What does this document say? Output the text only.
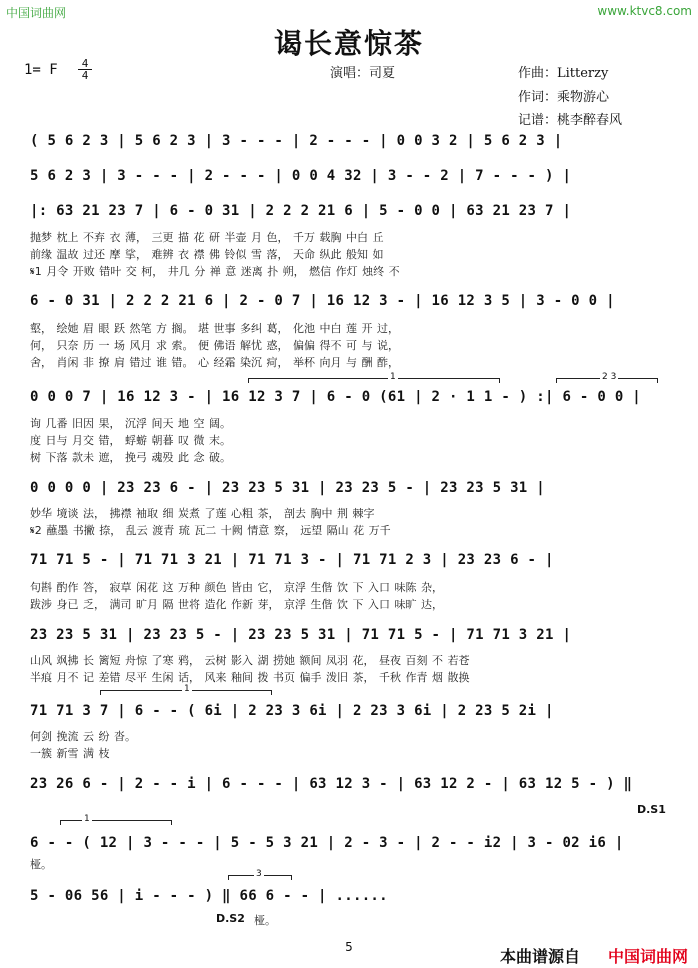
中国词曲网	www.ktvc8.com
谒长意惊茶
1= F	4
4	演唱：司夏	作曲：Litterzy
作词：乘物游心
记谱：桃李醉春风
( 5 6 2 3 | 5 6 2 3 | 3 - - - | 2 - - - | 0 0 3 2 | 5 6 2 3 |
5 6 2 3 | 3 - - - | 2 - - - | 0 0 4 32 | 3 - - 2 | 7 - - - ) |
|: 63 21 23 7 | 6 - 0 31 | 2 2 2 21 6 | 5 - 0 0 | 63 21 23 7 |
抛梦 枕上 不弃 衣 薄， 三更 描 花 研 半壶 月 色， 千万 载胸 中白 丘
前缘 温故 过还 摩 挲， 难辨 衣 襟 佛 铃似 雪 落， 天命 纵此 般知 如
𝄋1 月令 开败 错叶 交 柯， 井几 分 禅 意 迷离 扑 朔， 燃信 作灯 烛终 不
6 - 0 31 | 2 2 2 21 6 | 2 - 0 7 | 16 12 3 - | 16 12 3 5 | 3 - 0 0 |
壑， 绘她 眉 眼 跃 然笔 方 搁。 堪 世事 多纠 葛， 化池 中白 莲 开 过，
何， 只奈 历 一 场 风月 求 索。 便 佛语 解忧 惑， 偏偏 得不 可 与 说，
舍， 肖闲 非 撩 肩 错过 谁 错。 心 经霜 染沉 疴， 举杯 向月 与 酬 酢，
1	2 3
0 0 0 7 | 16 12 3 - | 16 12 3 7 | 6 - 0 (61 | 2 · 1 1 - ) :| 6 - 0 0 |
询 几番 旧因 果， 沉浮 间天 地 空 阔。
度 日与 月交 错， 蜉蝣 朝暮 叹 微 末。
树 下落 款未 遮， 挽弓 魂殁 此 念 破。
0 0 0 0 | 23 23 6 - | 23 23 5 31 | 23 23 5 - | 23 23 5 31 |
妙华 境谈 法， 拂襟 袖取 细 炭煮 了莲 心粗 茶， 剖去 胸中 荆 棘字
𝄋2 蘸墨 书撇 捺， 乱云 渡青 琉 瓦二 十阙 情意 察， 远望 隔山 花 万千
71 71 5 - | 71 71 3 21 | 71 71 3 - | 71 71 2 3 | 23 23 6 - |
句斟 酌作 答， 寂草 闲花 这 万种 颜色 皆由 它， 京浮 生偕 饮 下 入口 味陈 杂，
跋涉 身已 乏， 满司 旷月 隔 世将 造化 作新 芽， 京浮 生偕 饮 下 入口 味旷 达，
23 23 5 31 | 23 23 5 - | 23 23 5 31 | 71 71 5 - | 71 71 3 21 |
山风 飒拂 长 篱短 舟惊 了寒 鸦， 云树 影入 湖 捞她 额间 凤羽 花， 昼夜 百刻 不 若苍
半痕 月不 记 差错 尽平 生闲 话， 风来 釉间 拨 书页 偏手 泼旧 茶， 千秋 作青 烟 散换
1
71 71 3 7 | 6 - - ( 6i | 2 23 3 6i | 2 23 3 6i | 2 23 5 2i |
何剑 挽流 云 纷 沓。
一簇 新雪 满 枝
23 26 6 - | 2 - - i | 6 - - - | 63 12 3 - | 63 12 2 - | 63 12 5 - ) ‖
D.S1
1
6 - - ( 12 | 3 - - - | 5 - 5 3 21 | 2 - 3 - | 2 - - i2 | 3 - 02 i6 |
桠。
3
5 - 06 56 | i - - - ) ‖ 66 6 - - | ......
D.S2 桠。
5	本曲谱源自 中国词曲网
